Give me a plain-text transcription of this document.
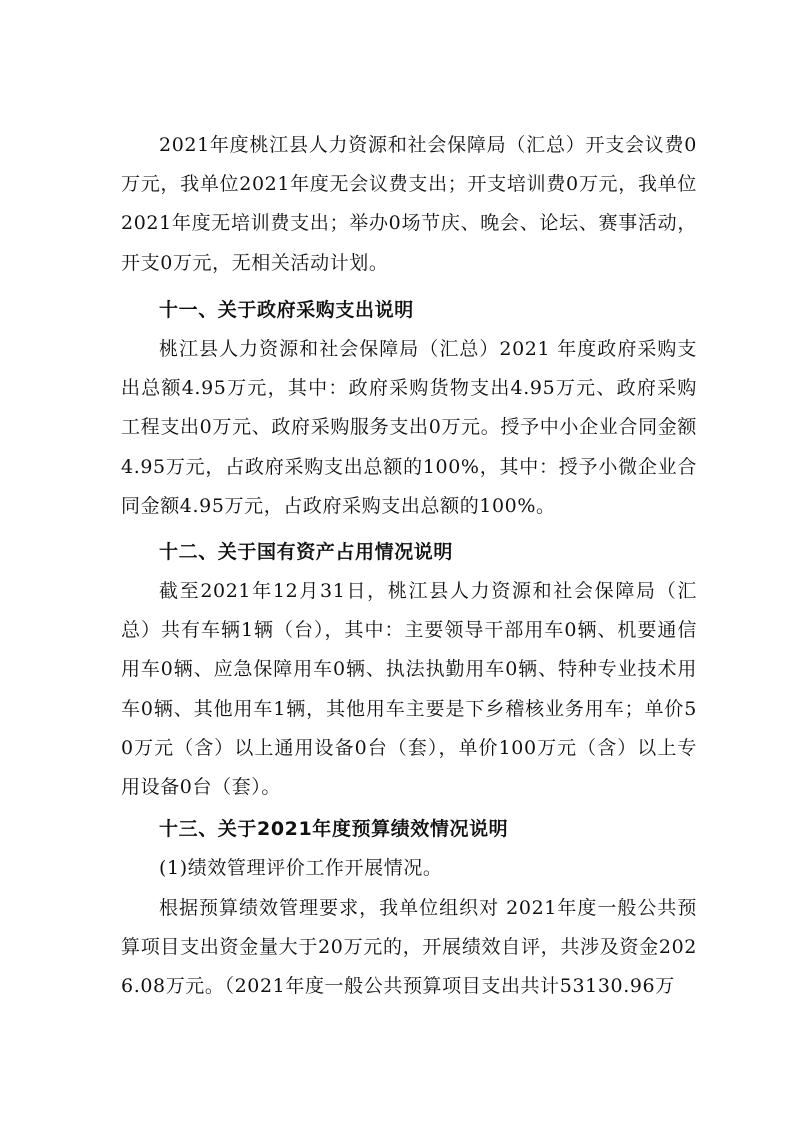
2021年度桃江县人力资源和社会保障局（汇总）开支会议费0 万元，我单位2021年度无会议费支出；开支培训费0万元，我单位2021年度无培训费支出；举办0场节庆、晚会、论坛、赛事活动，开支0万元，无相关活动计划。

十一、关于政府采购支出说明

桃江县人力资源和社会保障局（汇总）2021 年度政府采购支出总额4.95万元，其中：政府采购货物支出4.95万元、政府采购工程支出0万元、政府采购服务支出0万元。授予中小企业合同金额4.95万元，占政府采购支出总额的100%，其中：授予小微企业合同金额4.95万元，占政府采购支出总额的100%。

十二、关于国有资产占用情况说明

截至2021年12月31日，桃江县人力资源和社会保障局（汇总）共有车辆1辆（台），其中：主要领导干部用车0辆、机要通信用车0辆、应急保障用车0辆、执法执勤用车0辆、特种专业技术用车0辆、其他用车1辆，其他用车主要是下乡稽核业务用车；单价50万元（含）以上通用设备0台（套），单价100万元（含）以上专用设备0台（套）。

十三、关于2021年度预算绩效情况说明
(1)绩效管理评价工作开展情况。

根据预算绩效管理要求，我单位组织对 2021年度一般公共预算项目支出资金量大于20万元的，开展绩效自评，共涉及资金2026.08万元。（2021年度一般公共预算项目支出共计53130.96万
